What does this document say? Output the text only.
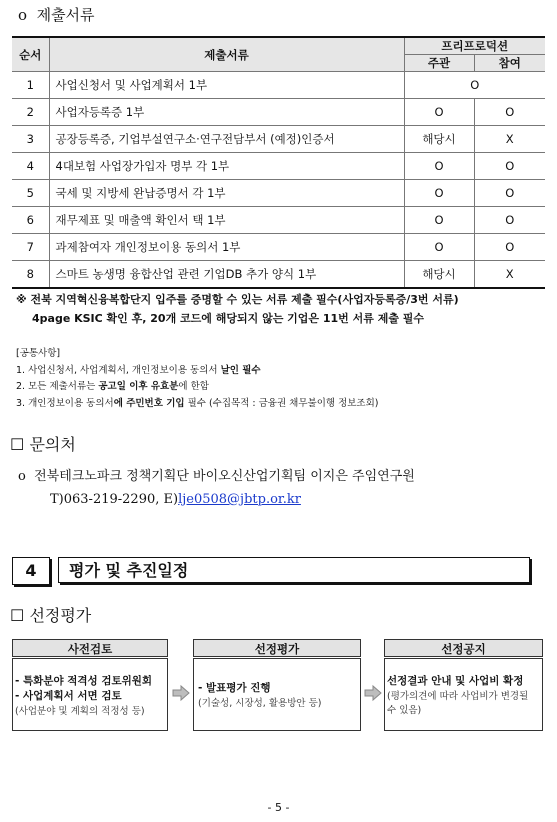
o 제출서류
순서	제출서류	프리프로덕션	
		주관	참여
1	사업신청서 및 사업계획서 1부	O	
2	사업자등록증 1부	O	O
3	공장등록증, 기업부설연구소·연구전담부서 (예정)인증서	해당시	X
4	4대보험 사업장가입자 명부 각 1부	O	O
5	국세 및 지방세 완납증명서 각 1부	O	O
6	재무제표 및 매출액 확인서 택 1부	O	O
7	과제참여자 개인정보이용 동의서 1부	O	O
8	스마트 농생명 융합산업 관련 기업DB 추가 양식 1부	해당시	X
※ 전북 지역혁신융복합단지 입주를 증명할 수 있는 서류 제출 필수(사업자등록증/3번 서류)
4page KSIC 확인 후, 20개 코드에 해당되지 않는 기업은 11번 서류 제출 필수
[공통사항]
1. 사업신청서, 사업계획서, 개인정보이용 동의서 날인 필수
2. 모든 제출서류는 공고일 이후 유효분에 한함
3. 개인정보이용 동의서에 주민번호 기입 필수 (수집목적 : 금융권 채무불이행 정보조회)
☐ 문의처
o 전북테크노파크 정책기획단 바이오신산업기획팀 이지은 주임연구원
T)063-219-2290, E)lje0508@jbtp.or.kr
4	평가 및 추진일정
☐ 선정평가
사전검토
- 특화분야 적격성 검토위원회
- 사업계획서 서면 검토
(사업분야 및 계획의 적정성 등)
선정평가
- 발표평가 진행
(기술성, 시장성, 활용방안 등)
선정공지
선정결과 안내 및 사업비 확정
(평가의견에 따라 사업비가 변경될 수 있음)
- 5 -
